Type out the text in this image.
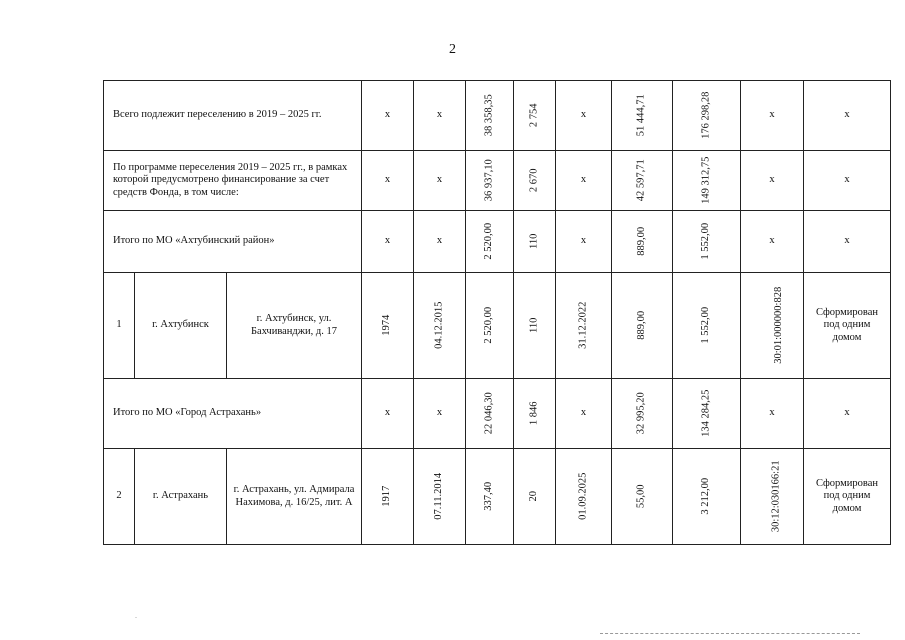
2
Всего подлежит переселению в 2019 – 2025 гг.			х	х	38 358,35	2 754	х	51 444,71	176 298,28	х	х

По программе переселения 2019 – 2025 гг., в рамках которой предусмотрено финансирование за счет средств Фонда, в том числе:			х	х	36 937,10	2 670	х	42 597,71	149 312,75	х	х

Итого по МО «Ахтубинский район»			х	х	2 520,00	110	х	889,00	1 552,00	х	х

1	г. Ахтубинск	г. Ахтубинск, ул. Бахчиванджи, д. 17	1974	04.12.2015	2 520,00	110	31.12.2022	889,00	1 552,00	30:01:000000:828	Сформирован под одним домом

Итого по МО «Город Астрахань»			х	х	22 046,30	1 846	х	32 995,20	134 284,25	х	х

2	г. Астрахань	г. Астрахань, ул. Адмирала Нахимова, д. 16/25, лит. А	1917	07.11.2014	337,40	20	01.09.2025	55,00	3 212,00	30:12:030166:21	Сформирован под одним домом
.
